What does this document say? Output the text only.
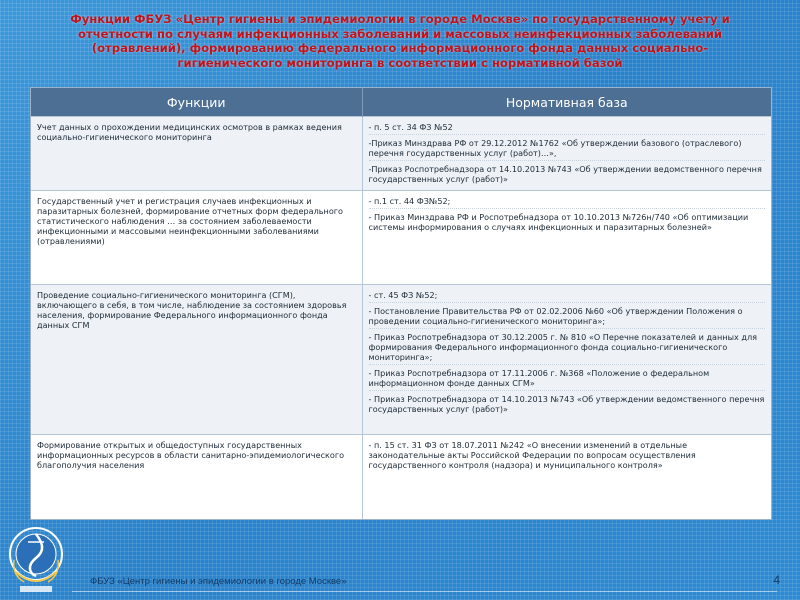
Функции ФБУЗ «Центр гигиены и эпидемиологии в городе Москве» по государственному учету и отчетности по случаям инфекционных заболеваний и массовых неинфекционных заболеваний (отравлений), формированию федерального информационного фонда данных социально-гигиенического мониторинга в соответствии с нормативной базой
Функции	Нормативная база
Учет данных о прохождении медицинских осмотров в рамках ведения социально-гигиенического мониторинга	- п. 5 ст. 34 ФЗ №52
-Приказ Минздрава РФ от 29.12.2012 №1762 «Об утверждении базового (отраслевого) перечня государственных услуг (работ)…»,
-Приказ Роспотребнадзора от 14.10.2013 №743 «Об утверждении ведомственного перечня государственных услуг (работ)»

Государственный учет и регистрация случаев инфекционных и паразитарных болезней, формирование отчетных форм федерального статистического наблюдения … за состоянием заболеваемости инфекционными и массовыми неинфекционными заболеваниями (отравлениями)	- п.1 ст. 44 ФЗ№52;
- Приказ Минздрава РФ и Роспотребнадзора от 10.10.2013 №726н/740 «Об оптимизации системы информирования о случаях инфекционных и паразитарных болезней»

Проведение социально-гигиенического мониторинга (СГМ), включающего в себя, в том числе, наблюдение за состоянием здоровья населения, формирование Федерального информационного фонда данных СГМ	- ст. 45 ФЗ №52;
- Постановление Правительства РФ от 02.02.2006 №60 «Об утверждении Положения о проведении социально-гигиенического мониторинга»;
- Приказ Роспотребнадзора от 30.12.2005 г. № 810 «О Перечне показателей и данных для формирования Федерального информационного фонда социально-гигиенического мониторинга»;
- Приказ Роспотребнадзора от 17.11.2006 г. №368 «Положение о федеральном информационном фонде данных СГМ»
- Приказ Роспотребнадзора от 14.10.2013 №743 «Об утверждении ведомственного перечня государственных услуг (работ)»

Формирование открытых и общедоступных государственных информационных ресурсов в области санитарно-эпидемиологического благополучия населения	- п. 15 ст. 31 ФЗ от 18.07.2011 №242 «О внесении изменений в отдельные законодательные акты Российской Федерации по вопросам осуществления государственного контроля (надзора) и муниципального контроля»
ФБУЗ «Центр гигиены и эпидемиологии в городе Москве»	4
